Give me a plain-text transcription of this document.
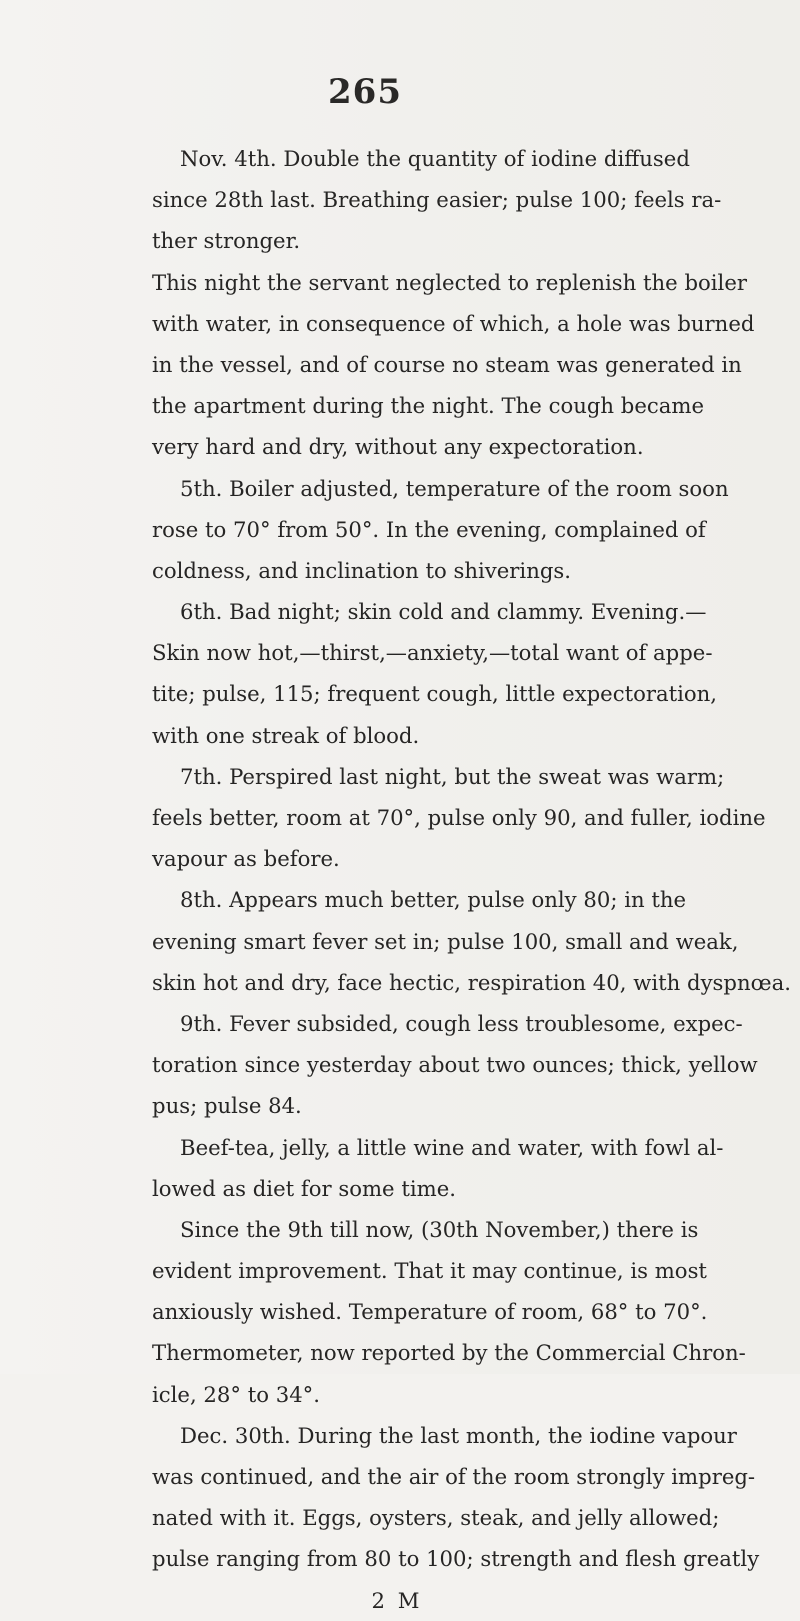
265
Nov. 4th. Double the quantity of iodine diffused
since 28th last. Breathing easier; pulse 100; feels ra-
ther stronger.
This night the servant neglected to replenish the boiler
with water, in consequence of which, a hole was burned
in the vessel, and of course no steam was generated in
the apartment during the night. The cough became
very hard and dry, without any expectoration.
5th. Boiler adjusted, temperature of the room soon
rose to 70° from 50°. In the evening, complained of
coldness, and inclination to shiverings.
6th. Bad night; skin cold and clammy. Evening.—
Skin now hot,—thirst,—anxiety,—total want of appe-
tite; pulse, 115; frequent cough, little expectoration,
with one streak of blood.
7th. Perspired last night, but the sweat was warm;
feels better, room at 70°, pulse only 90, and fuller, iodine
vapour as before.
8th. Appears much better, pulse only 80; in the
evening smart fever set in; pulse 100, small and weak,
skin hot and dry, face hectic, respiration 40, with dyspnœa.
9th. Fever subsided, cough less troublesome, expec-
toration since yesterday about two ounces; thick, yellow
pus; pulse 84.
Beef-tea, jelly, a little wine and water, with fowl al-
lowed as diet for some time.
Since the 9th till now, (30th November,) there is
evident improvement. That it may continue, is most
anxiously wished. Temperature of room, 68° to 70°.
Thermometer, now reported by the Commercial Chron-
icle, 28° to 34°.
Dec. 30th. During the last month, the iodine vapour
was continued, and the air of the room strongly impreg-
nated with it. Eggs, oysters, steak, and jelly allowed;
pulse ranging from 80 to 100; strength and flesh greatly
2 M
